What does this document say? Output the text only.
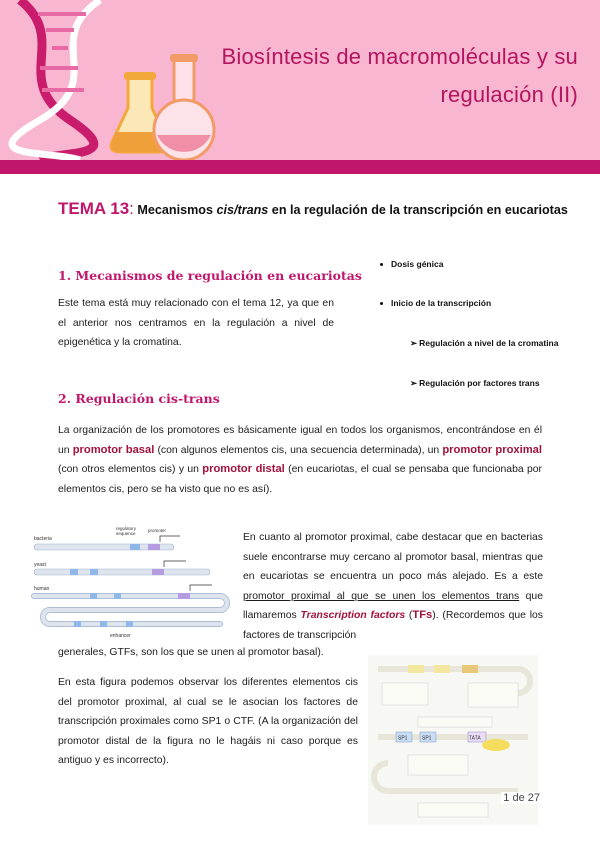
Biosíntesis de macromoléculas y su
regulación (II)
TEMA 13: Mecanismos cis/trans en la regulación de la transcripción en eucariotas
1. Mecanismos de regulación en eucariotas
Este tema está muy relacionado con el tema 12, ya que en el anterior nos centramos en la regulación a nivel de epigenética y la cromatina.
Dosis génica
Inicio de la transcripción
➢ Regulación a nivel de la cromatina
➢ Regulación por factores trans
2. Regulación cis-trans
La organización de los promotores es básicamente igual en todos los organismos, encontrándose en él un promotor basal (con algunos elementos cis, una secuencia determinada), un promotor proximal (con otros elementos cis) y un promotor distal (en eucariotas, el cual se pensaba que funcionaba por elementos cis, pero se ha visto que no es así).
bacteria
regulatory
sequence
promoter
yeast
human
enhancer
En cuanto al promotor proximal, cabe destacar que en bacterias suele encontrarse muy cercano al promotor basal, mientras que en eucariotas se encuentra un poco más alejado. Es a este promotor proximal al que se unen los elementos trans que llamaremos Transcription factors (TFs). (Recordemos que los factores de transcripción
generales, GTFs, son los que se unen al promotor basal).
En esta figura podemos observar los diferentes elementos cis del promotor proximal, al cual se le asocian los factores de transcripción proximales como SP1 o CTF. (A la organización del promotor distal de la figura no le hagáis ni caso porque es antiguo y es incorrecto).
SP1	SP1	TATA
1 de 27
